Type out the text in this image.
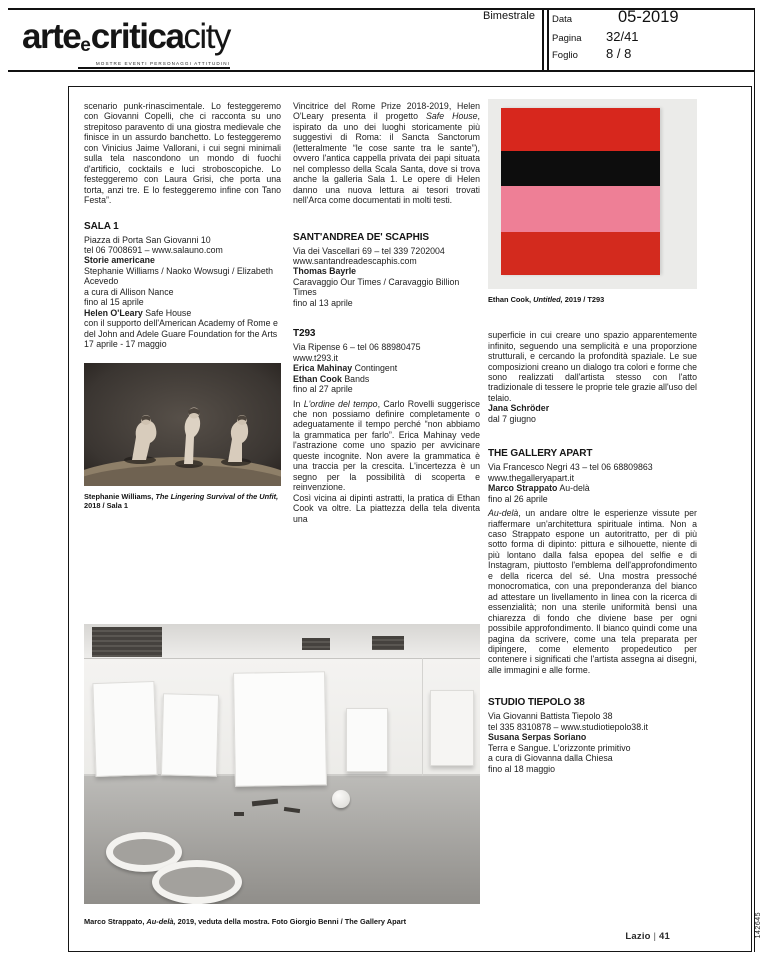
arteecriticacity
MOSTRE EVENTI PERSONAGGI ATTITUDINI
Bimestrale Data	05-2019
Pagina	32/41
Foglio	8 / 8

scenario punk-rinascimentale. Lo festeggeremo con Giovanni Copelli, che ci racconta su uno strepitoso paravento di una giostra medievale che finisce in un assurdo banchetto. Lo festeggeremo con Vinicius Jaime Vallorani, i cui segni minimali sulla tela nascondono un mondo di fuochi d'artificio, cocktails e luci stroboscopiche. Lo festeggeremo con Laura Grisi, che porta una torta, anzi tre. E lo festeggeremo infine con Tano Festa”.

SALA 1
Piazza di Porta San Giovanni 10
tel 06 7008691 – www.salauno.com
Storie americane
Stephanie Williams / Naoko Wowsugi / Elizabeth Acevedo
a cura di Allison Nance
fino al 15 aprile
Helen O'Leary Safe House
con il supporto dell'American Academy of Rome e del John and Adele Guare Foundation for the Arts
17 aprile - 17 maggio
Stephanie Williams, The Lingering Survival of the Unfit, 2018 / Sala 1

Vincitrice del Rome Prize 2018-2019, Helen O'Leary presenta il progetto Safe House, ispirato da uno dei luoghi storicamente più suggestivi di Roma: il Sancta Sanctorum (letteralmente “le cose sante tra le sante”), ovvero l'antica cappella privata dei papi situata nel complesso della Scala Santa, dove si trova anche la galleria Sala 1. Le opere di Helen danno una nuova lettura ai tesori trovati nell'Arca come documentati in molti testi.

SANT'ANDREA DE' SCAPHIS
Via dei Vascellari 69 – tel 339 7202004
www.santandreadescaphis.com
Thomas Bayrle
Caravaggio Our Times / Caravaggio Billion Times
fino al 13 aprile
T293
Via Ripense 6 – tel 06 88980475
www.t293.it
Erica Mahinay Contingent
Ethan Cook Bands
fino al 27 aprile

In L'ordine del tempo, Carlo Rovelli suggerisce che non possiamo definire completamente o adeguatamente il tempo perché “non abbiamo la grammatica per farlo”. Erica Mahinay vede l'astrazione come uno spazio per avvicinare queste incognite. Non avere la grammatica è una traccia per la crescita. L'incertezza è un segno per la possibilità di scoperta e reinvenzione.

Così vicina ai dipinti astratti, la pratica di Ethan Cook va oltre. La piattezza della tela diventa una

Ethan Cook, Untitled, 2019 / T293

superficie in cui creare uno spazio apparentemente infinito, seguendo una semplicità e una proporzione strutturali, e cercando la profondità spaziale. Le sue composizioni creano un dialogo tra colori e forme che sono realizzati dall'artista stesso con l'atto tradizionale di tessere le proprie tele grazie all'uso del telaio.

Jana Schröder
dal 7 giugno
THE GALLERY APART
Via Francesco Negri 43 – tel 06 68809863
www.thegalleryapart.it
Marco Strappato Au-delà
fino al 26 aprile

Au-delà, un andare oltre le esperienze vissute per riaffermare un'architettura spirituale intima. Non a caso Strappato espone un autoritratto, per di più sotto forma di dipinto: pittura e silhouette, niente di più lontano dalla falsa epopea del selfie e di Instagram, piuttosto l'emblema dell'approfondimento e della ricerca del sé. Una mostra pressoché monocromatica, con una preponderanza del bianco ad attestare un livellamento in linea con la ricerca di essenzialità; non una sterile uniformità bensì una chiarezza di fondo che diviene base per ogni possibile approfondimento. Il bianco quindi come una pagina da scrivere, come una tela preparata per dipingere, come elemento propedeutico per contenere i significati che l'artista assegna ai disegni, alle immagini e alle forme.

STUDIO TIEPOLO 38
Via Giovanni Battista Tiepolo 38
tel 335 8310878 – www.studiotiepolo38.it
Susana Serpas Soriano
Terra e Sangue. L'orizzonte primitivo
a cura di Giovanna dalla Chiesa
fino al 18 maggio
Marco Strappato, Au-delà, 2019, veduta della mostra. Foto Giorgio Benni / The Gallery Apart
Lazio | 41	142645
